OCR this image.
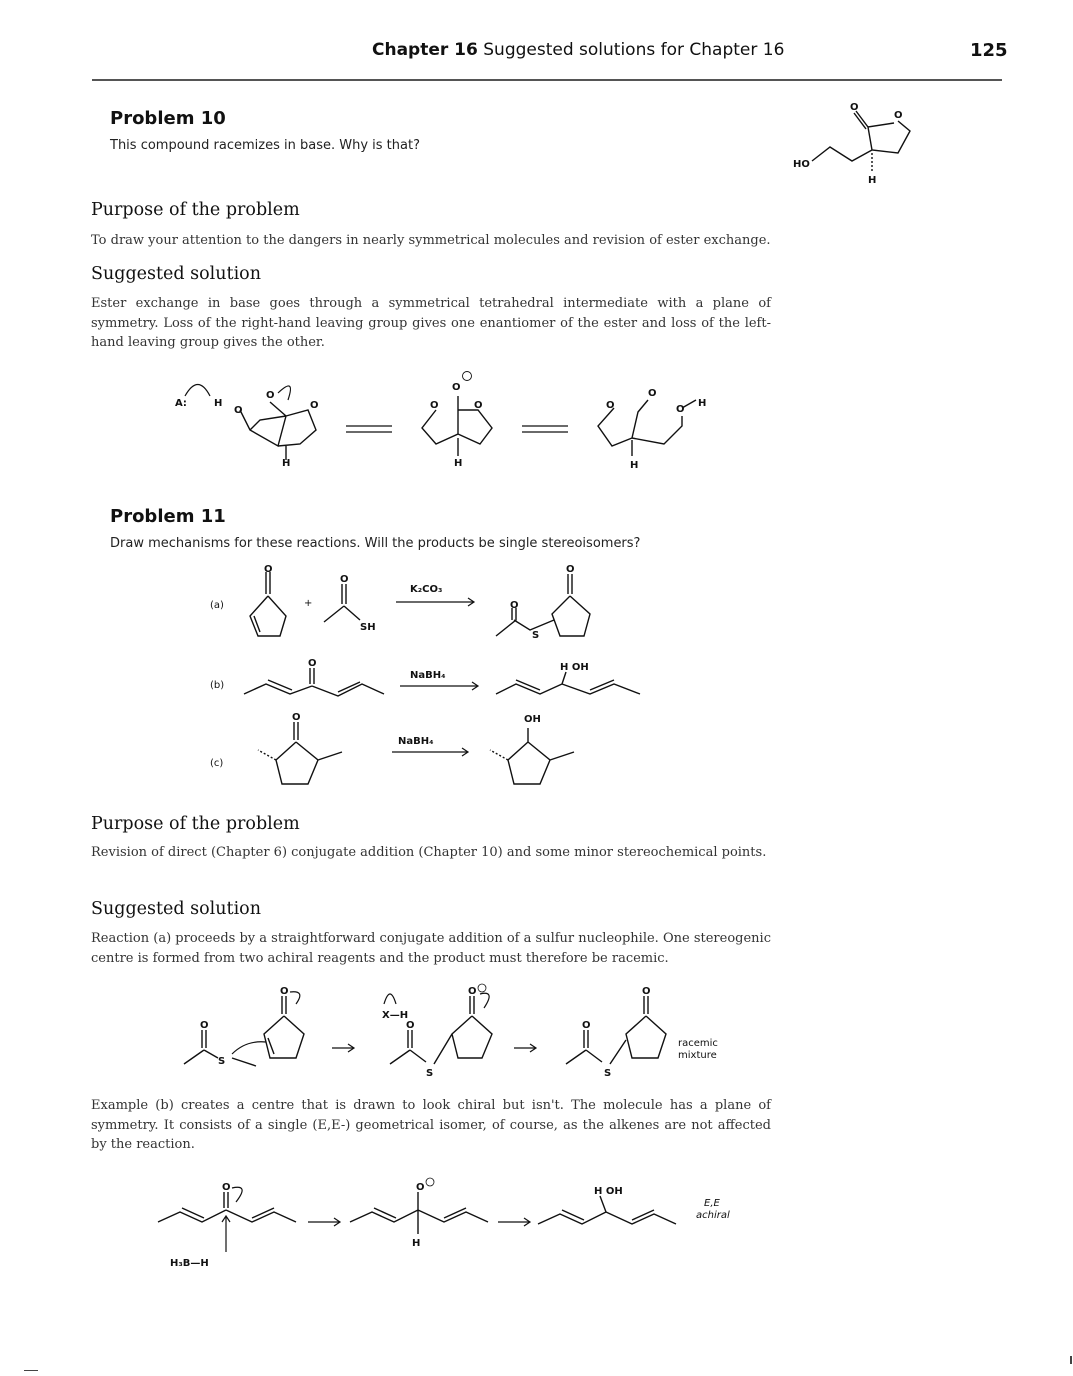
Chapter 16 Suggested solutions for Chapter 16	125
Problem 10
This compound racemizes in base. Why is that?
O
O
HO
H
Purpose of the problem
To draw your attention to the dangers in nearly symmetrical molecules and revision of ester exchange.
Suggested solution
Ester exchange in base goes through a symmetrical tetrahedral intermediate with a plane of symmetry. Loss of the right-hand leaving group gives one enantiomer of the ester and loss of the left-hand leaving group gives the other.
A:	H
O
O
O
H
O
O	O
H
O
O
O
H
H
Problem 11
Draw mechanisms for these reactions. Will the products be single stereoisomers?
(a)
O
+
O
SH
K₂CO₃
O
O
S
(b)
O
NaBH₄
H OH
(c)
O
NaBH₄
OH
Purpose of the problem
Revision of direct (Chapter 6) conjugate addition (Chapter 10) and some minor stereochemical points.
Suggested solution
Reaction (a) proceeds by a straightforward conjugate addition of a sulfur nucleophile. One stereogenic centre is formed from two achiral reagents and the product must therefore be racemic.
O
S
O
X—H
O
S
O
O
S
O
racemic
mixture
Example (b) creates a centre that is drawn to look chiral but isn't. The molecule has a plane of symmetry. It consists of a single (E,E-) geometrical isomer, of course, as the alkenes are not affected by the reaction.
O
H₃B—H
O
H
H OH
E,E
achiral
